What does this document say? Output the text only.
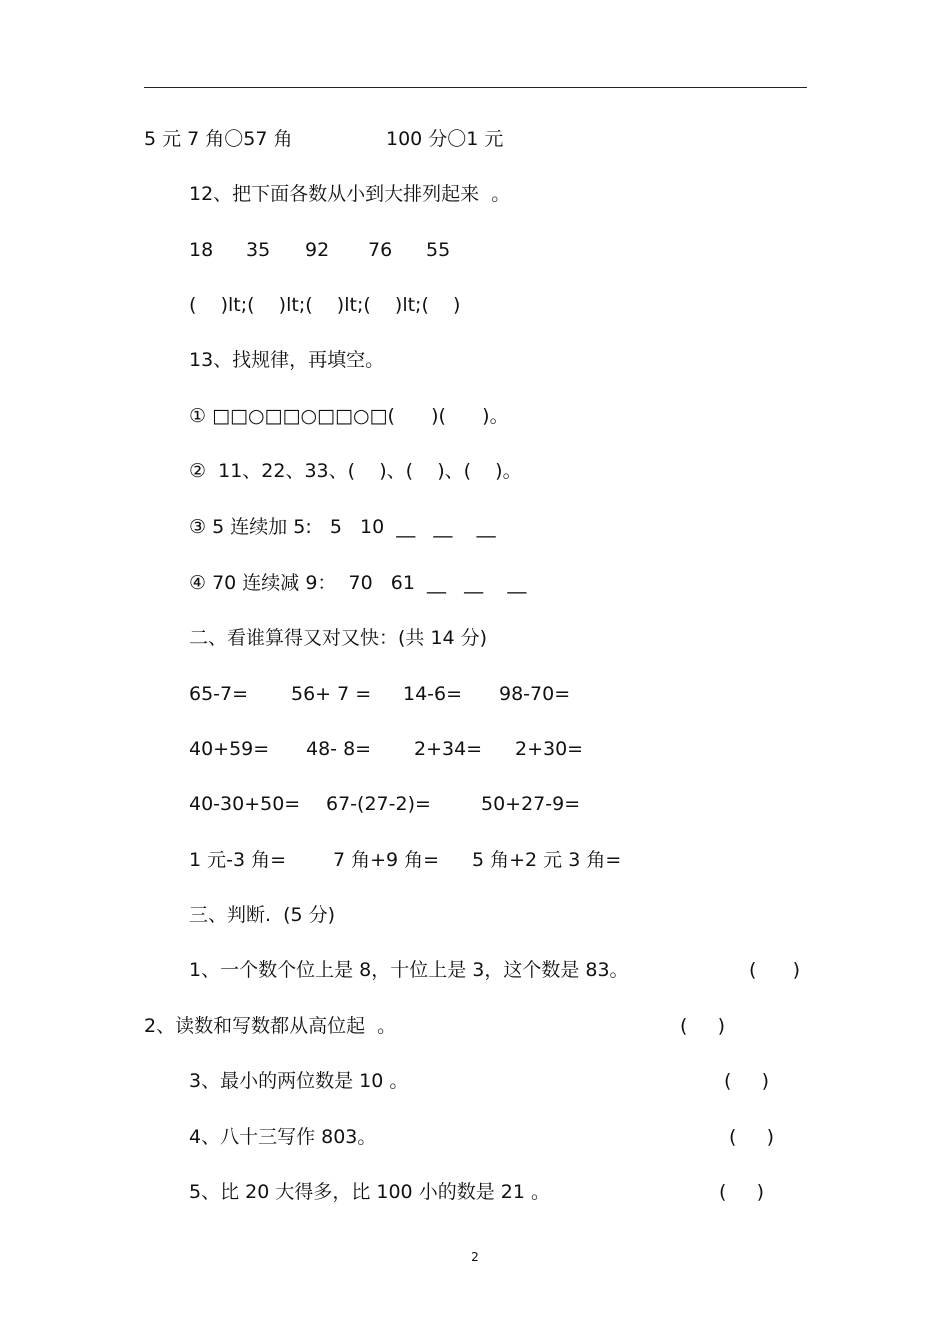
5 元 7 角〇57 角	100 分〇1 元
12、把下面各数从小到大排列起来  。
18 35 92 76 55
(    )lt;(    )lt;(    )lt;(    )lt;(    )
13、找规律，再填空。
① □□○□□○□□○□(      )(      )。
②  11、22、33、(    )、(    )、(    )。
③ 5 连续加 5:   5   10  __   __    __
④ 70 连续减 9：  70   61  __   __    __
二、看谁算得又对又快：(共 14 分)
65-7= 56+ 7 = 14-6= 98-70=
40+59= 48- 8= 2+34= 2+30=
40-30+50= 67-(27-2)=	50+27-9=
1 元-3 角= 7 角+9 角= 5 角+2 元 3 角=
三、判断.  (5 分)
1、一个数个位上是 8，十位上是 3，这个数是 83。	(      )
2、读数和写数都从高位起  。	(     )
3、最小的两位数是 10 。	(     )
4、八十三写作 803。	(     )
5、比 20 大得多，比 100 小的数是 21 。	(     )
2
